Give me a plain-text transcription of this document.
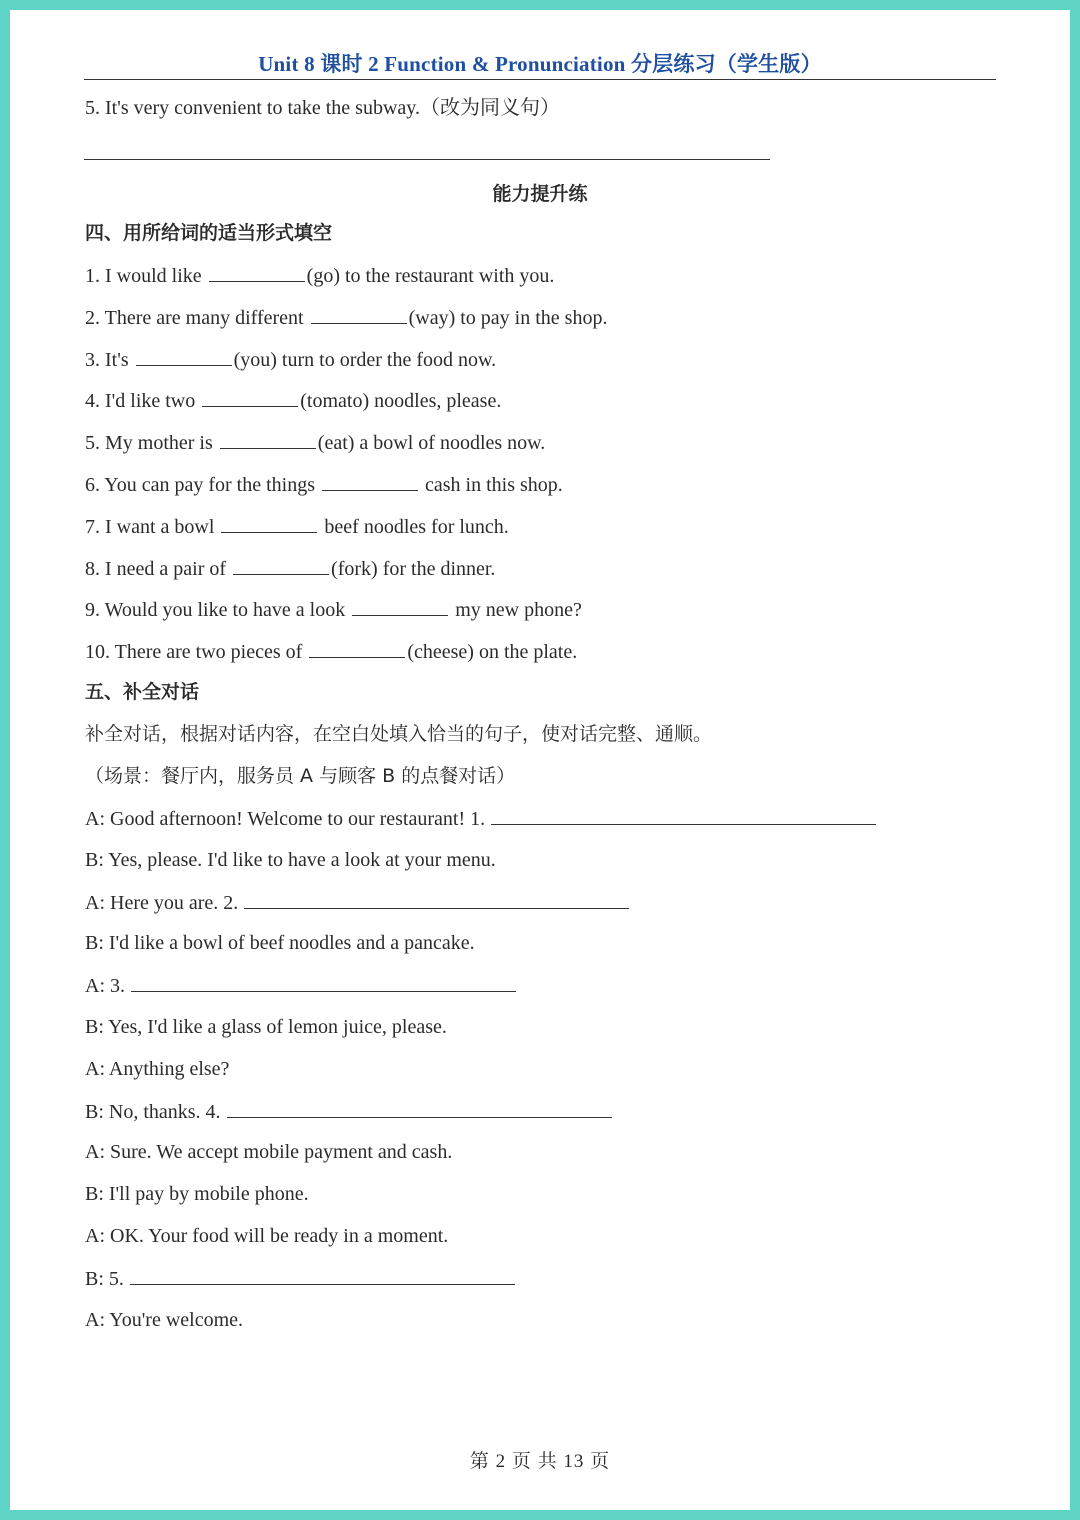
Unit 8 课时 2 Function & Pronunciation 分层练习（学生版）
5. It's very convenient to take the subway.（改为同义句）
能力提升练
四、用所给词的适当形式填空
1. I would like	(go) to the restaurant with you.
2. There are many different	(way) to pay in the shop.
3. It's	(you) turn to order the food now.
4. I'd like two	(tomato) noodles, please.
5. My mother is	(eat) a bowl of noodles now.
6. You can pay for the things	cash in this shop.
7. I want a bowl	beef noodles for lunch.
8. I need a pair of	(fork) for the dinner.
9. Would you like to have a look	my new phone?
10. There are two pieces of	(cheese) on the plate.
五、补全对话
补全对话，根据对话内容，在空白处填入恰当的句子，使对话完整、通顺。
（场景：餐厅内，服务员 A 与顾客 B 的点餐对话）
A: Good afternoon! Welcome to our restaurant! 1.
B: Yes, please. I'd like to have a look at your menu.
A: Here you are. 2.
B: I'd like a bowl of beef noodles and a pancake.
A: 3.
B: Yes, I'd like a glass of lemon juice, please.
A: Anything else?
B: No, thanks. 4.
A: Sure. We accept mobile payment and cash.
B: I'll pay by mobile phone.
A: OK. Your food will be ready in a moment.
B: 5.
A: You're welcome.
第 2 页 共 13 页
